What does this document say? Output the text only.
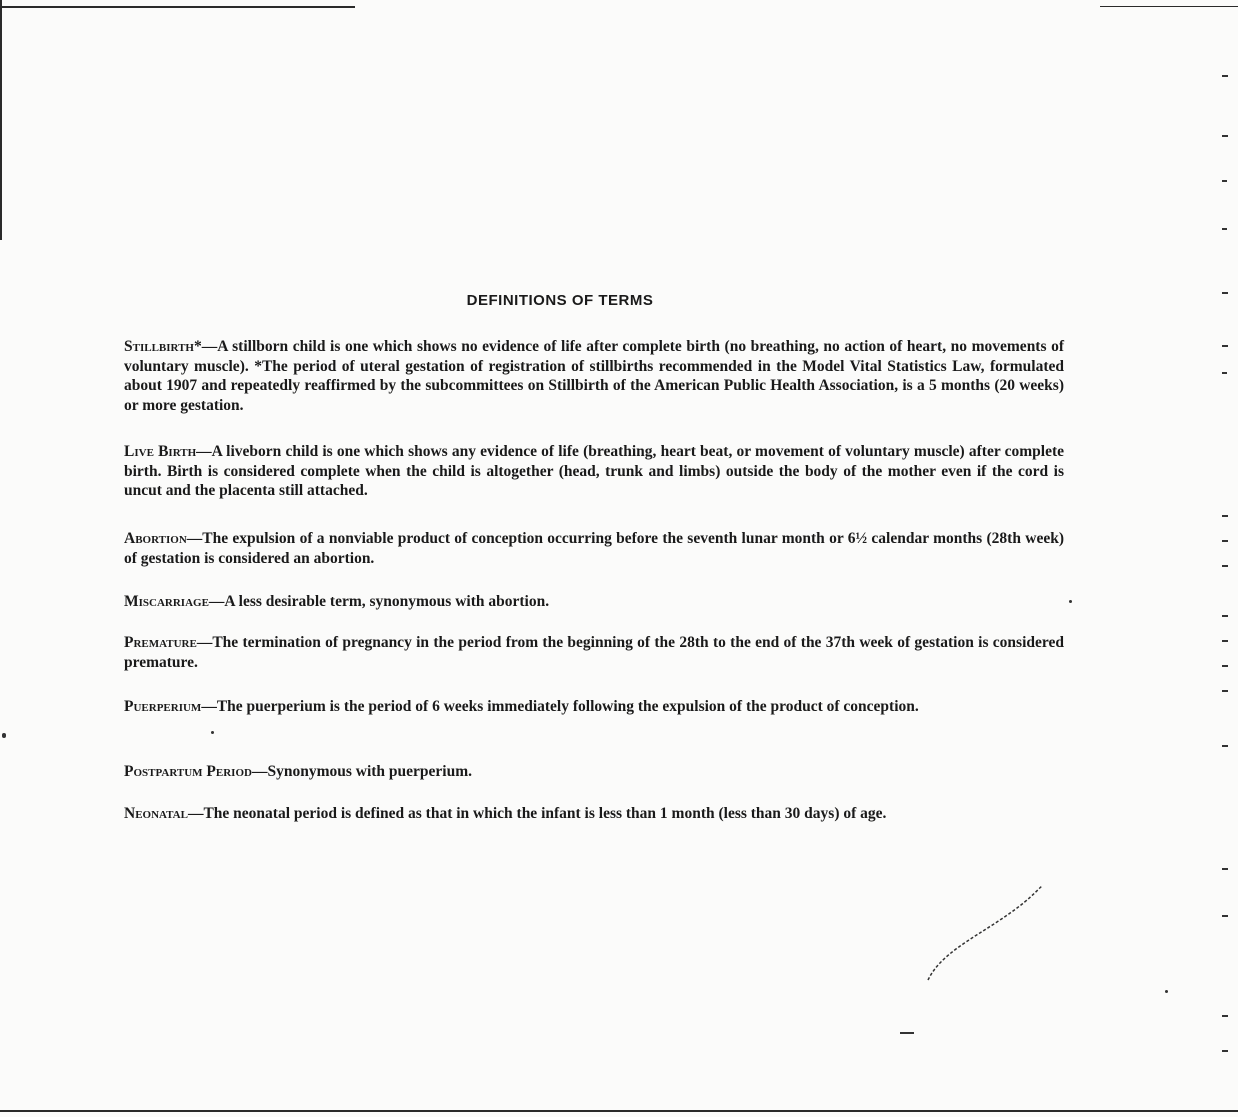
DEFINITIONS OF TERMS
Stillbirth*—A stillborn child is one which shows no evidence of life after complete birth (no breathing, no action of heart, no movements of voluntary muscle). *The period of uteral gestation of registration of stillbirths recommended in the Model Vital Statistics Law, formulated about 1907 and repeatedly reaffirmed by the subcommittees on Stillbirth of the American Public Health Association, is a 5 months (20 weeks) or more gestation.
Live Birth—A liveborn child is one which shows any evidence of life (breathing, heart beat, or movement of voluntary muscle) after complete birth. Birth is considered complete when the child is altogether (head, trunk and limbs) outside the body of the mother even if the cord is uncut and the placenta still attached.
Abortion—The expulsion of a nonviable product of conception occurring before the seventh lunar month or 6½ calendar months (28th week) of gestation is considered an abortion.
Miscarriage—A less desirable term, synonymous with abortion.
Premature—The termination of pregnancy in the period from the beginning of the 28th to the end of the 37th week of gestation is considered premature.
Puerperium—The puerperium is the period of 6 weeks immediately following the expulsion of the product of conception.
Postpartum Period—Synonymous with puerperium.
Neonatal—The neonatal period is defined as that in which the infant is less than 1 month (less than 30 days) of age.
